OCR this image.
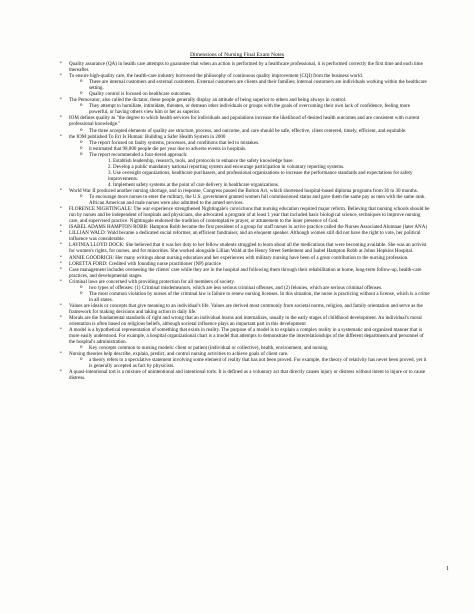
Dimensions of Nursing Final Exam Notes
• Quality assurance (QA) in health care attempts to guarantee that when an action is performed by a healthcare professional, it is performed correctly the first time and each time thereafter.
• To ensure high-quality care, the health-care industry borrowed the philosophy of continuous quality improvement (CQI) from the business world.
o There are internal customers and external customers. External customers are clients and their families; internal customers are individuals working within the healthcare setting.
o Quality control is focused on healthcare outcomes.
• The Pemovator, also called the dictator, these people generally display an attitude of being superior to others and being always in control.
o They attempt to humiliate, intimidate, threaten, or demean other individuals or groups with the goals of overcoming their own lack of confidence, feeling more powerful, or having others view him or her as superior.
• IOM defines quality as "the degree to which health services for individuals and populations increase the likelihood of desired health outcomes and are consistent with current professional knowledge."
o The three accepted elements of quality are structure, process, and outcome, and care should be safe, effective, client centered, timely, efficient, and equitable.
• the IOM published To Err Is Human: Building a Safer Health System in 2000
o The report focused on faulty systems, processes, and conditions that led to mistakes.
o it estimated that 98,000 people die per year due to adverse events in hospitals.
o The report recommended a four-tiered approach:
1. Establish leadership, research, tools, and protocols to enhance the safety knowledge base.
2. Develop a public mandatory national reporting system and encourage participation in voluntary reporting systems.
3. Use oversight organizations, healthcare purchasers, and professional organizations to increase the performance standards and expectations for safety improvements.
4. Implement safety systems at the point of care delivery in healthcare organizations.
• World War II produced another nursing shortage, and in response, Congress passed the Bolton Act, which shortened hospital-based diploma programs from 36 to 30 months.
o To encourage more nurses to enter the military, the U.S. government granted women full commissioned status and gave them the same pay as men with the same rank. African American and male nurses were also admitted to the armed services.
• FLORENCE NIGHTINGALE: The war experience strengthened Nightingale's convictions that nursing education required major reform. Believing that nursing schools should be run by nurses and be independent of hospitals and physicians, she advocated a program of at least 1 year that included basic biological science, techniques to improve nursing care, and supervised practice. Nightingale endorsed the tradition of contemplative prayer, or attunement to the inner presence of God.
• ISABEL ADAMS HAMPTON ROBB: Hampton Robb became the first president of a group for staff nurses in active practice called the Nurses Associated Alumnae (later ANA)
• LILLIAN WALD: Wald became a dedicated social reformer, an efficient fundraiser, and an eloquent speaker. Although women still did not have the right to vote, her political influence was considerable.
• LAVINIA LLOYD DOCK: She believed that it was her duty to her fellow students struggled to learn about all the medications that were becoming available. She was an activist for women's rights, for nurses, and for minorities. She worked alongside Lillian Wald at the Henry Street Settlement and Isabel Hampton Robb at Johns Hopkins Hospital.
• ANNIE GOODRICH: Her many writings about nursing education and her experiences with military nursing have been of a great contribution to the nursing profession.
• LORETTA FORD: Credited with founding nurse practitioner (NP) practice
• Case management includes overseeing the clients' care while they are in the hospital and following them through their rehabilitation at home, long-term follow-up, health-care practices, and developmental stages.
• Criminal laws are concerned with providing protection for all members of society.
o two types of offenses: (1) Criminal misdemeanors, which are less serious criminal offenses, and (2) felonies, which are serious criminal offenses.
o The most common violation by nurses of the criminal law is failure to renew nursing licenses. In this situation, the nurse is practicing without a license, which is a crime in all states.
• Values are ideals or concepts that give meaning to an individual's life. Values are derived most commonly from societal norms, religion, and family orientation and serve as the framework for making decisions and taking action in daily life.
• Morals are the fundamental standards of right and wrong that an individual learns and internalizes, usually in the early stages of childhood development. An individual's moral orientation is often based on religious beliefs, although societal influence plays an important part in this development
• A model is a hypothetical representation of something that exists in reality. The purpose of a model is to explain a complex reality in a systematic and organized manner that is more easily understood. For example, a hospital organizational chart is a model that attempts to demonstrate the interrelationships of the different departments and personnel of the hospital's administration.
o Key concepts common to nursing models: client or patient (individual or collective), health, environment, and nursing
• Nursing theories help describe, explain, predict, and control nursing activities to achieve goals of client care.
o a theory refers to a speculative statement involving some element of reality that has not been proved. For example, the theory of relativity has never been proved, yet it is generally accepted as fact by physicists.
• A quasi-intentional tort is a mixture of unintentional and intentional torts. It is defined as a voluntary act that directly causes injury or distress without intent to injure or to cause distress.
1
